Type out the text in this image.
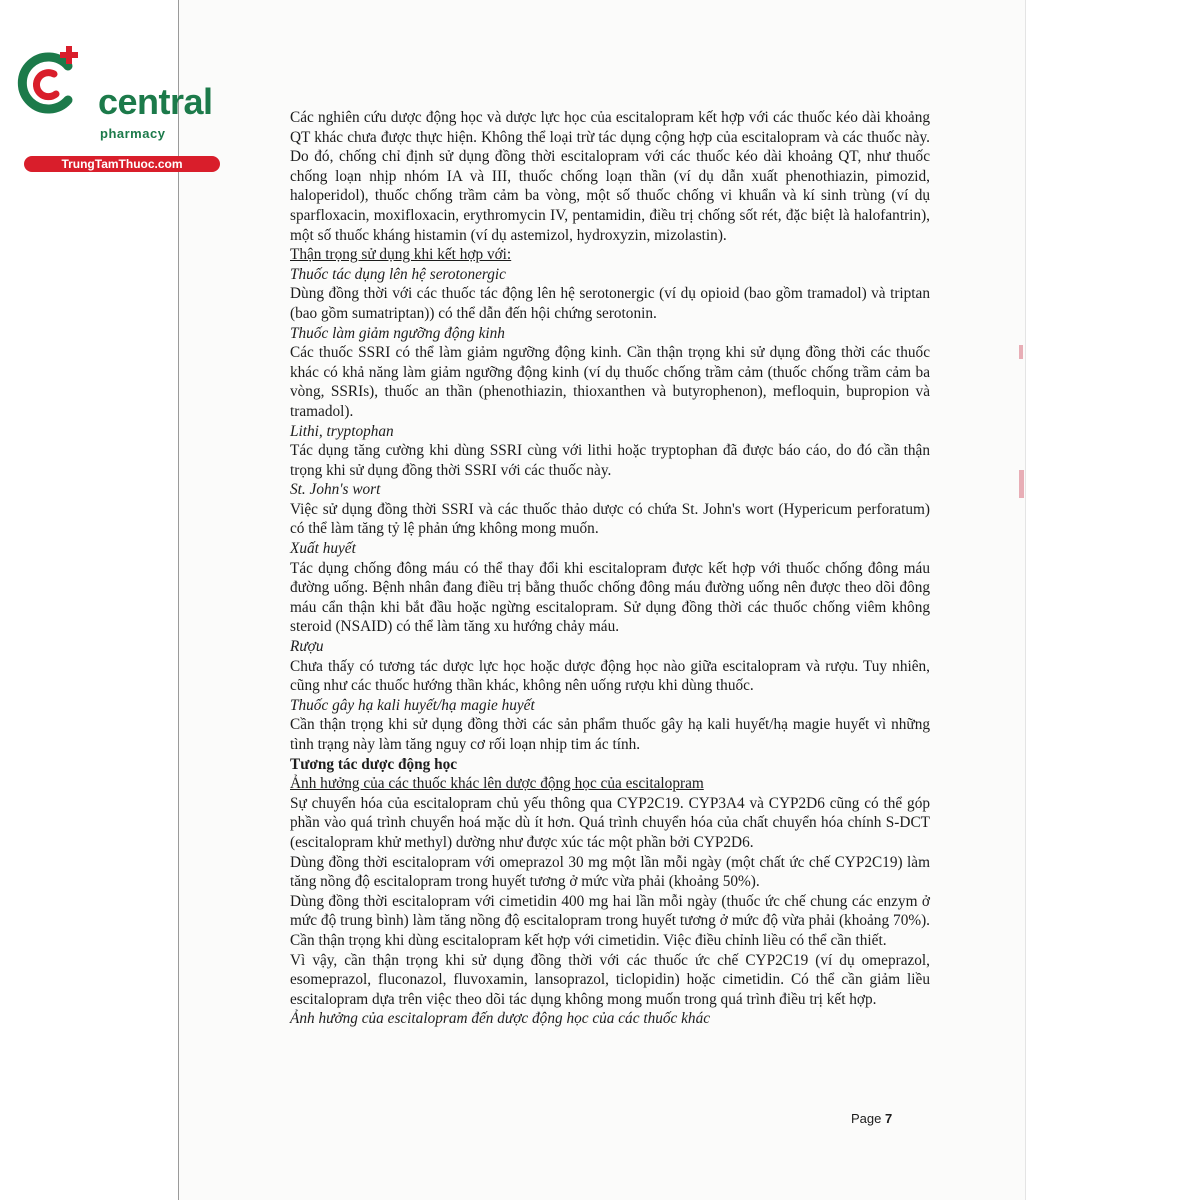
central
pharmacy
TrungTamThuoc.com

Các nghiên cứu dược động học và dược lực học của escitalopram kết hợp với các thuốc kéo dài khoảng QT khác chưa được thực hiện. Không thể loại trừ tác dụng cộng hợp của escitalopram và các thuốc này. Do đó, chống chỉ định sử dụng đồng thời escitalopram với các thuốc kéo dài khoảng QT, như thuốc chống loạn nhịp nhóm IA và III, thuốc chống loạn thần (ví dụ dẫn xuất phenothiazin, pimozid, haloperidol), thuốc chống trầm cảm ba vòng, một số thuốc chống vi khuẩn và kí sinh trùng (ví dụ sparfloxacin, moxifloxacin, erythromycin IV, pentamidin, điều trị chống sốt rét, đặc biệt là halofantrin), một số thuốc kháng histamin (ví dụ astemizol, hydroxyzin, mizolastin).

Thận trọng sử dụng khi kết hợp với:

Thuốc tác dụng lên hệ serotonergic

Dùng đồng thời với các thuốc tác động lên hệ serotonergic (ví dụ opioid (bao gồm tramadol) và triptan (bao gồm sumatriptan)) có thể dẫn đến hội chứng serotonin.

Thuốc làm giảm ngưỡng động kinh

Các thuốc SSRI có thể làm giảm ngưỡng động kinh. Cần thận trọng khi sử dụng đồng thời các thuốc khác có khả năng làm giảm ngưỡng động kinh (ví dụ thuốc chống trầm cảm (thuốc chống trầm cảm ba vòng, SSRIs), thuốc an thần (phenothiazin, thioxanthen và butyrophenon), mefloquin, bupropion và tramadol).

Lithi, tryptophan

Tác dụng tăng cường khi dùng SSRI cùng với lithi hoặc tryptophan đã được báo cáo, do đó cần thận trọng khi sử dụng đồng thời SSRI với các thuốc này.

St. John's wort

Việc sử dụng đồng thời SSRI và các thuốc thảo dược có chứa St. John's wort (Hypericum perforatum) có thể làm tăng tỷ lệ phản ứng không mong muốn.

Xuất huyết

Tác dụng chống đông máu có thể thay đổi khi escitalopram được kết hợp với thuốc chống đông máu đường uống. Bệnh nhân đang điều trị bằng thuốc chống đông máu đường uống nên được theo dõi đông máu cẩn thận khi bắt đầu hoặc ngừng escitalopram. Sử dụng đồng thời các thuốc chống viêm không steroid (NSAID) có thể làm tăng xu hướng chảy máu.

Rượu

Chưa thấy có tương tác dược lực học hoặc dược động học nào giữa escitalopram và rượu. Tuy nhiên, cũng như các thuốc hướng thần khác, không nên uống rượu khi dùng thuốc.

Thuốc gây hạ kali huyết/hạ magie huyết

Cần thận trọng khi sử dụng đồng thời các sản phẩm thuốc gây hạ kali huyết/hạ magie huyết vì những tình trạng này làm tăng nguy cơ rối loạn nhịp tim ác tính.

Tương tác dược động học

Ảnh hưởng của các thuốc khác lên dược động học của escitalopram

Sự chuyển hóa của escitalopram chủ yếu thông qua CYP2C19. CYP3A4 và CYP2D6 cũng có thể góp phần vào quá trình chuyển hoá mặc dù ít hơn. Quá trình chuyển hóa của chất chuyển hóa chính S-DCT (escitalopram khử methyl) dường như được xúc tác một phần bởi CYP2D6.

Dùng đồng thời escitalopram với omeprazol 30 mg một lần mỗi ngày (một chất ức chế CYP2C19) làm tăng nồng độ escitalopram trong huyết tương ở mức vừa phải (khoảng 50%).

Dùng đồng thời escitalopram với cimetidin 400 mg hai lần mỗi ngày (thuốc ức chế chung các enzym ở mức độ trung bình) làm tăng nồng độ escitalopram trong huyết tương ở mức độ vừa phải (khoảng 70%). Cần thận trọng khi dùng escitalopram kết hợp với cimetidin. Việc điều chỉnh liều có thể cần thiết.

Vì vậy, cần thận trọng khi sử dụng đồng thời với các thuốc ức chế CYP2C19 (ví dụ omeprazol, esomeprazol, fluconazol, fluvoxamin, lansoprazol, ticlopidin) hoặc cimetidin. Có thể cần giảm liều escitalopram dựa trên việc theo dõi tác dụng không mong muốn trong quá trình điều trị kết hợp.

Ảnh hưởng của escitalopram đến dược động học của các thuốc khác

Page 7
